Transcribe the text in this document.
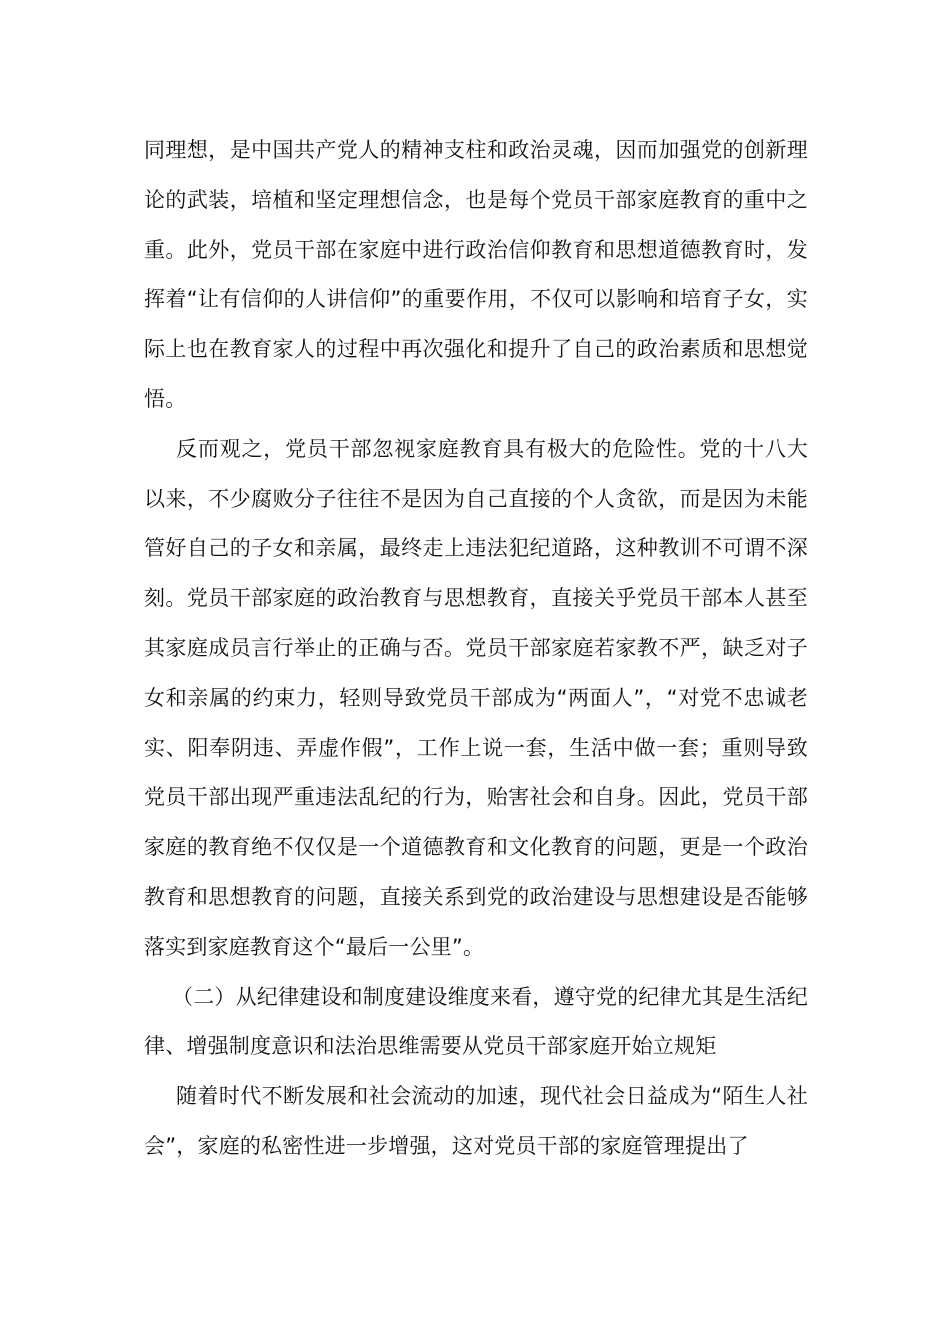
同理想，是中国共产党人的精神支柱和政治灵魂，因而加强党的创新理论的武装，培植和坚定理想信念，也是每个党员干部家庭教育的重中之重。此外，党员干部在家庭中进行政治信仰教育和思想道德教育时，发挥着“让有信仰的人讲信仰”的重要作用，不仅可以影响和培育子女，实际上也在教育家人的过程中再次强化和提升了自己的政治素质和思想觉悟。

反而观之，党员干部忽视家庭教育具有极大的危险性。党的十八大以来，不少腐败分子往往不是因为自己直接的个人贪欲，而是因为未能管好自己的子女和亲属，最终走上违法犯纪道路，这种教训不可谓不深刻。党员干部家庭的政治教育与思想教育，直接关乎党员干部本人甚至其家庭成员言行举止的正确与否。党员干部家庭若家教不严，缺乏对子女和亲属的约束力，轻则导致党员干部成为“两面人”，“对党不忠诚老实、阳奉阴违、弄虚作假”，工作上说一套，生活中做一套；重则导致党员干部出现严重违法乱纪的行为，贻害社会和自身。因此，党员干部家庭的教育绝不仅仅是一个道德教育和文化教育的问题，更是一个政治教育和思想教育的问题，直接关系到党的政治建设与思想建设是否能够落实到家庭教育这个“最后一公里”。

（二）从纪律建设和制度建设维度来看，遵守党的纪律尤其是生活纪律、增强制度意识和法治思维需要从党员干部家庭开始立规矩

随着时代不断发展和社会流动的加速，现代社会日益成为“陌生人社会”，家庭的私密性进一步增强，这对党员干部的家庭管理提出了
